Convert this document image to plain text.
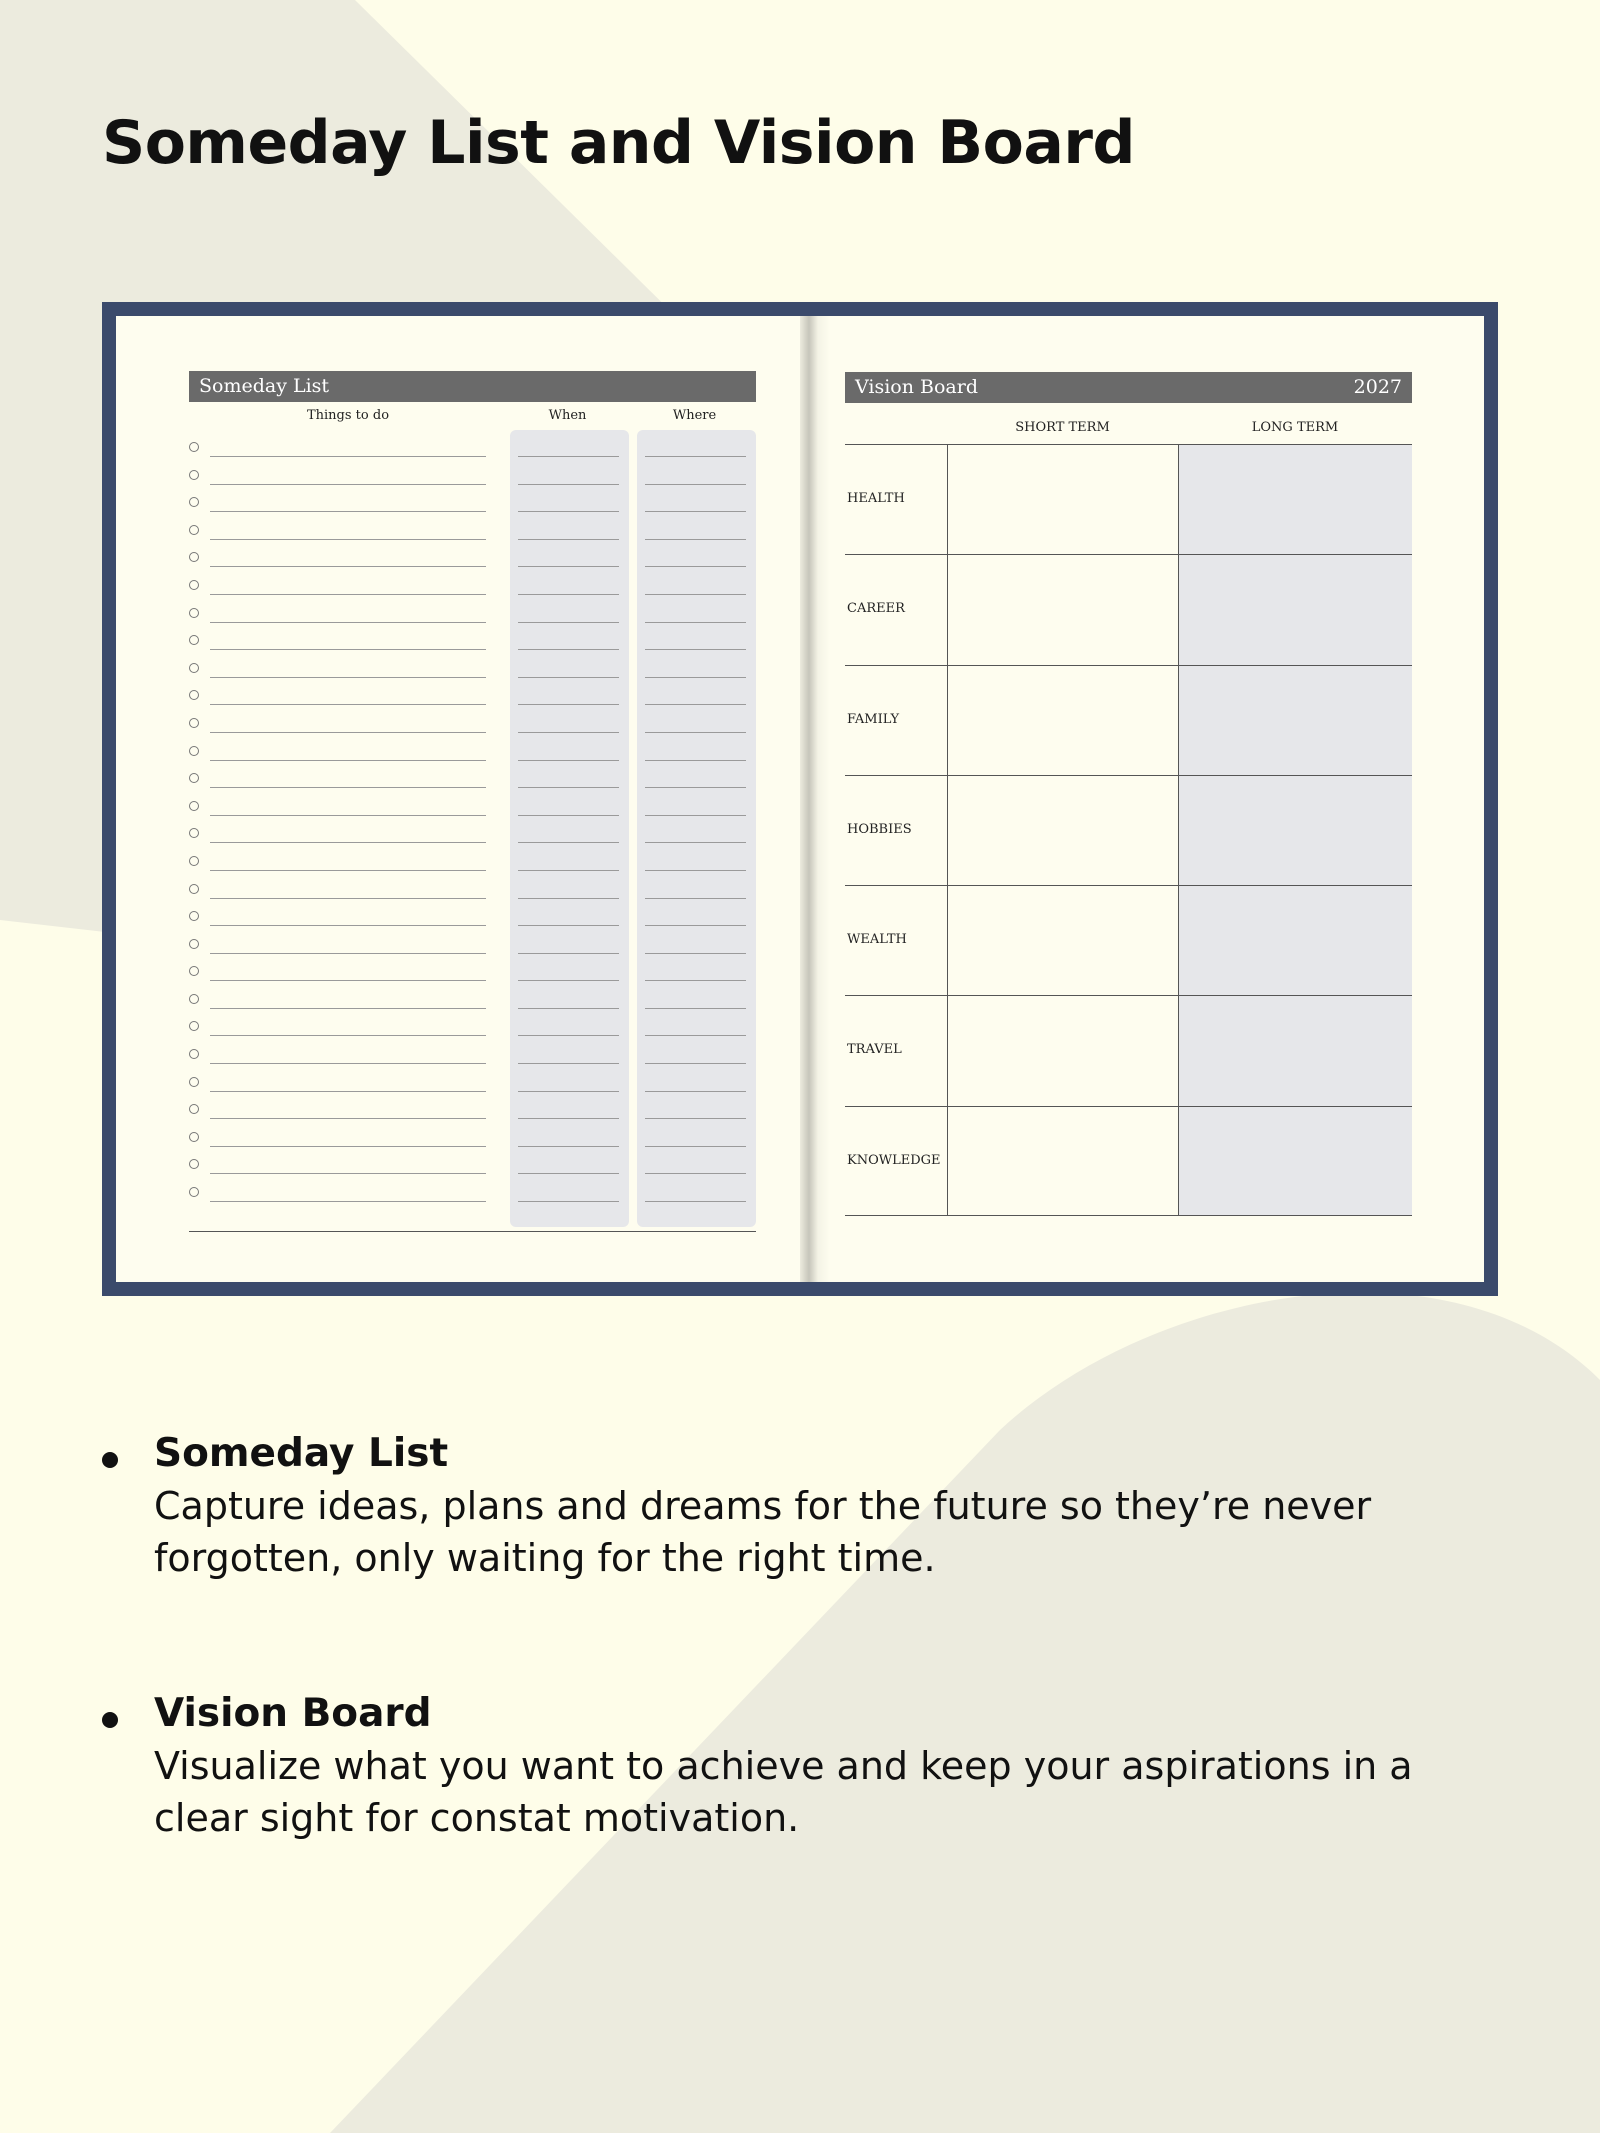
Someday List and Vision Board
Someday List
Things to do	When	Where
Vision Board	2027
SHORT TERM	LONG TERM
HEALTH
CAREER
FAMILY
HOBBIES
WEALTH
TRAVEL
KNOWLEDGE
Someday List

Capture ideas, plans and dreams for the future so they’re never forgotten, only waiting for the right time.

Vision Board

Visualize what you want to achieve and keep your aspirations in a clear sight for constat motivation.
